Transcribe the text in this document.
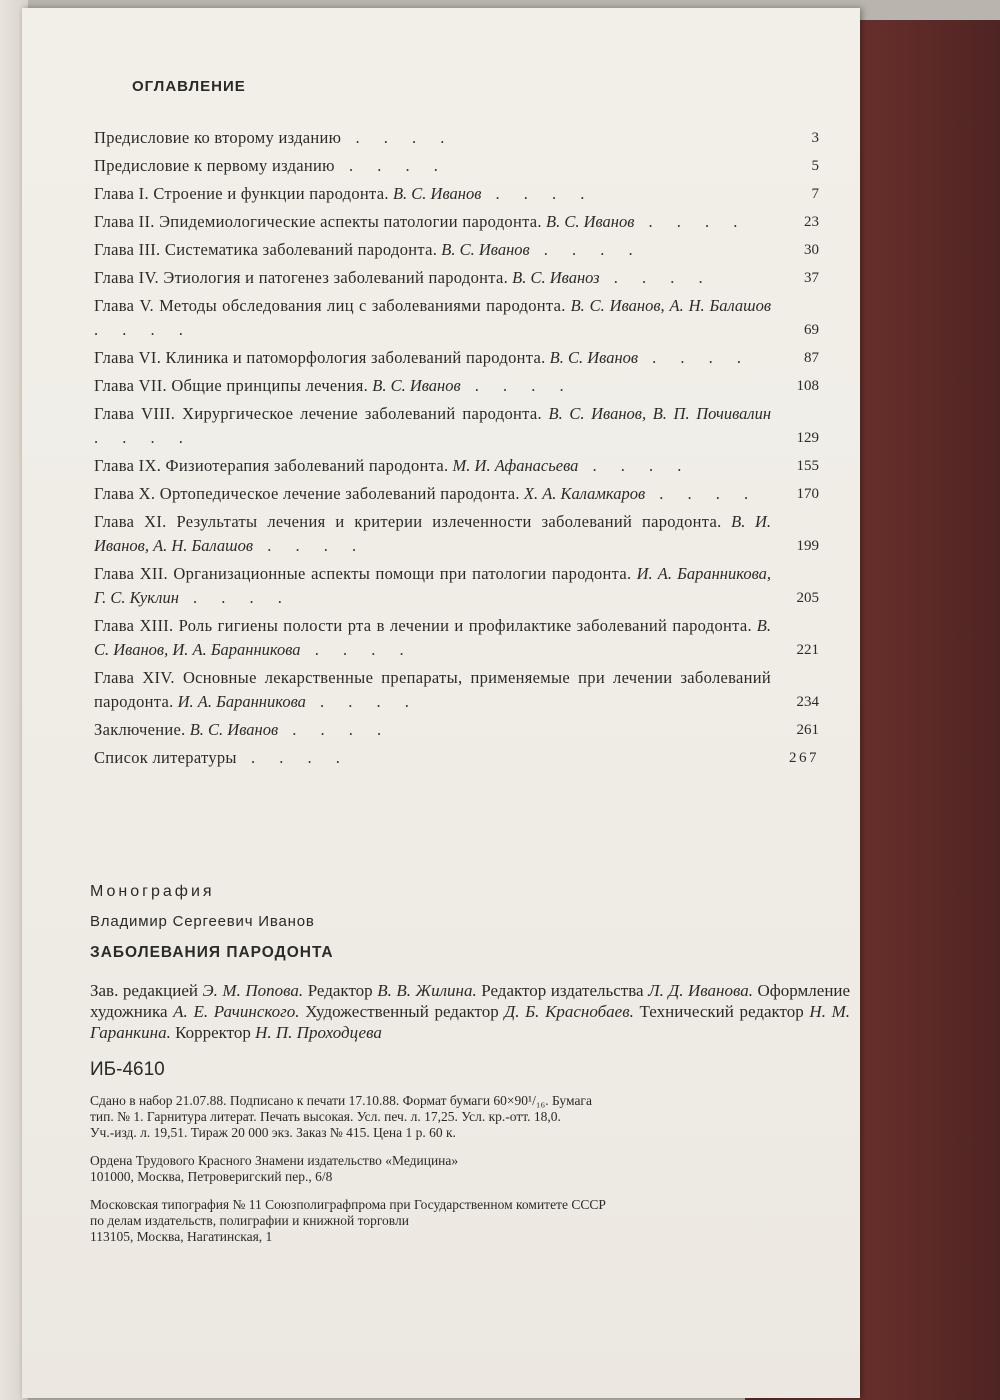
ОГЛАВЛЕНИЕ
Предисловие ко второму изданию . . . .	3
Предисловие к первому изданию . . . .	5
Глава I. Строение и функции пародонта. В. С. Иванов . . . .	7
Глава II. Эпидемиологические аспекты патологии пародонта. В. С. Иванов . . . .	23
Глава III. Систематика заболеваний пародонта. В. С. Иванов . . . .	30
Глава IV. Этиология и патогенез заболеваний пародонта. В. С. Иваноз . . . .	37
Глава V. Методы обследования лиц с заболеваниями пародонта. В. С. Иванов, А. Н. Балашов . . . .	69
Глава VI. Клиника и патоморфология заболеваний пародонта. В. С. Иванов . . . .	87
Глава VII. Общие принципы лечения. В. С. Иванов . . . .	108
Глава VIII. Хирургическое лечение заболеваний пародонта. В. С. Иванов, В. П. Почивалин . . . .	129
Глава IX. Физиотерапия заболеваний пародонта. М. И. Афанасьева . . . .	155
Глава X. Ортопедическое лечение заболеваний пародонта. Х. А. Каламкаров . . . .	170
Глава XI. Результаты лечения и критерии излеченности заболеваний пародонта. В. И. Иванов, А. Н. Балашов . . . .	199
Глава XII. Организационные аспекты помощи при патологии пародонта. И. А. Баранникова, Г. С. Куклин . . . .	205
Глава XIII. Роль гигиены полости рта в лечении и профилактике заболеваний пародонта. В. С. Иванов, И. А. Баранникова . . . .	221
Глава XIV. Основные лекарственные препараты, применяемые при лечении заболеваний пародонта. И. А. Баранникова . . . .	234
Заключение. В. С. Иванов . . . .	261
Список литературы . . . .	267
Монография
Владимир Сергеевич Иванов
ЗАБОЛЕВАНИЯ ПАРОДОНТА
Зав. редакцией Э. М. Попова. Редактор В. В. Жилина. Редактор издательства Л. Д. Иванова. Оформление художника А. Е. Рачинского. Художественный редактор Д. Б. Краснобаев. Технический редактор Н. М. Гаранкина. Корректор Н. П. Проходцева
ИБ-4610

Сдано в набор 21.07.88. Подписано к печати 17.10.88. Формат бумаги 60×90¹/₁₆. Бумага

тип. № 1. Гарнитура литерат. Печать высокая. Усл. печ. л. 17,25. Усл. кр.-отт. 18,0.

Уч.-изд. л. 19,51. Тираж 20 000 экз. Заказ № 415. Цена 1 р. 60 к.

Ордена Трудового Красного Знамени издательство «Медицина»

101000, Москва, Петроверигский пер., 6/8

Московская типография № 11 Союзполиграфпрома при Государственном комитете СССР

по делам издательств, полиграфии и книжной торговли

113105, Москва, Нагатинская, 1
